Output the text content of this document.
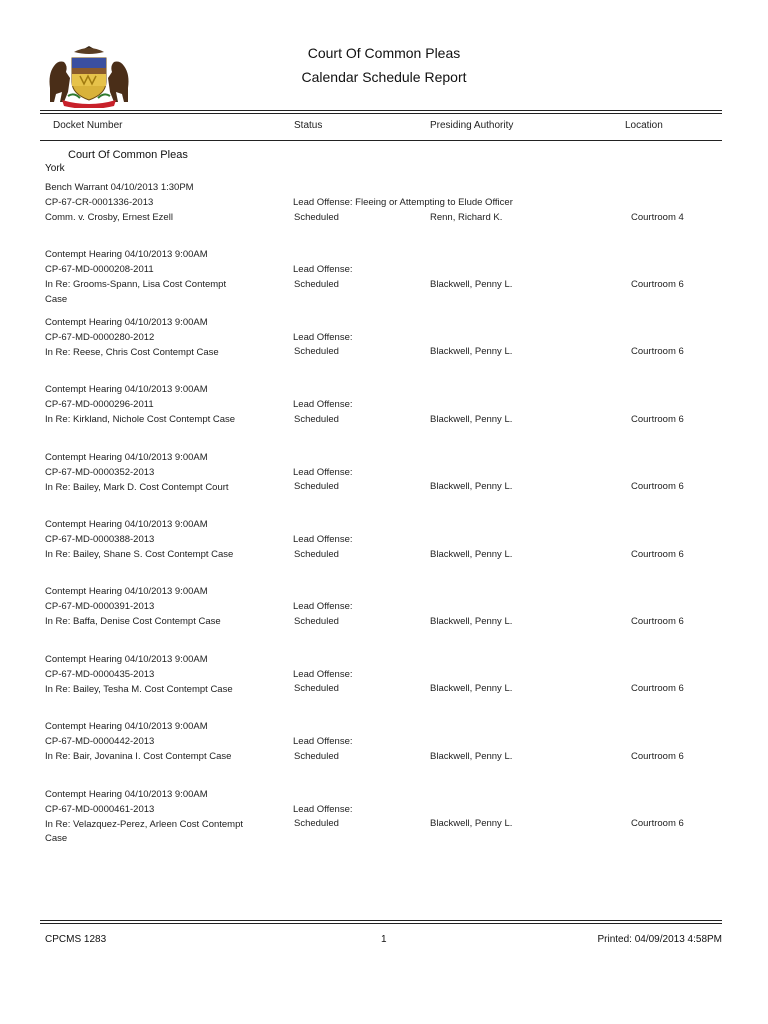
Court Of Common Pleas
Calendar Schedule Report
Docket Number	Status	Presiding Authority	Location
Court Of Common Pleas
York
Bench Warrant 04/10/2013 1:30PM
CP-67-CR-0001336-2013
Comm. v. Crosby, Ernest Ezell
Lead Offense: Fleeing or Attempting to Elude Officer
Scheduled	Renn, Richard K.	Courtroom 4
Contempt Hearing 04/10/2013 9:00AM
CP-67-MD-0000208-2011
In Re: Grooms-Spann, Lisa Cost Contempt
Case
Lead Offense:
Scheduled	Blackwell, Penny L.	Courtroom 6
Contempt Hearing 04/10/2013 9:00AM
CP-67-MD-0000280-2012
In Re: Reese, Chris Cost Contempt Case
Lead Offense:
Scheduled	Blackwell, Penny L.	Courtroom 6
Contempt Hearing 04/10/2013 9:00AM
CP-67-MD-0000296-2011
In Re: Kirkland, Nichole Cost Contempt Case
Lead Offense:
Scheduled	Blackwell, Penny L.	Courtroom 6
Contempt Hearing 04/10/2013 9:00AM
CP-67-MD-0000352-2013
In Re: Bailey, Mark D. Cost Contempt Court
Lead Offense:
Scheduled	Blackwell, Penny L.	Courtroom 6
Contempt Hearing 04/10/2013 9:00AM
CP-67-MD-0000388-2013
In Re: Bailey, Shane S. Cost Contempt Case
Lead Offense:
Scheduled	Blackwell, Penny L.	Courtroom 6
Contempt Hearing 04/10/2013 9:00AM
CP-67-MD-0000391-2013
In Re: Baffa, Denise Cost Contempt Case
Lead Offense:
Scheduled	Blackwell, Penny L.	Courtroom 6
Contempt Hearing 04/10/2013 9:00AM
CP-67-MD-0000435-2013
In Re: Bailey, Tesha M. Cost Contempt Case
Lead Offense:
Scheduled	Blackwell, Penny L.	Courtroom 6
Contempt Hearing 04/10/2013 9:00AM
CP-67-MD-0000442-2013
In Re: Bair, Jovanina I. Cost Contempt Case
Lead Offense:
Scheduled	Blackwell, Penny L.	Courtroom 6
Contempt Hearing 04/10/2013 9:00AM
CP-67-MD-0000461-2013
In Re: Velazquez-Perez, Arleen Cost Contempt
Case
Lead Offense:
Scheduled	Blackwell, Penny L.	Courtroom 6
CPCMS 1283	1	Printed: 04/09/2013 4:58PM
